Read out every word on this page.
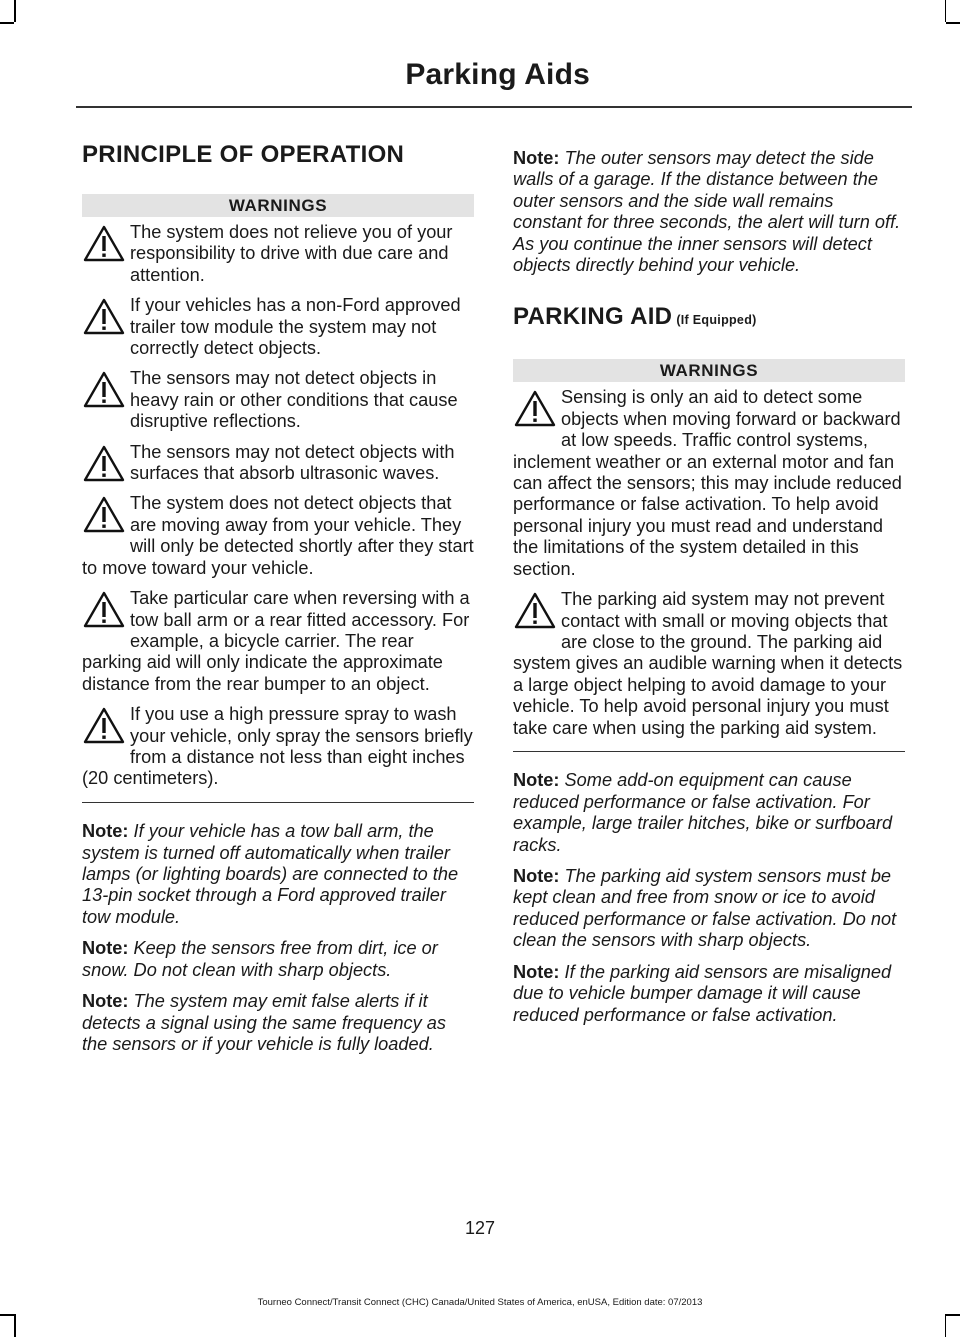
Parking Aids
PRINCIPLE OF OPERATION
WARNINGS

The system does not relieve you of your responsibility to drive with due care and attention.

If your vehicles has a non-Ford approved trailer tow module the system may not correctly detect objects.

The sensors may not detect objects in heavy rain or other conditions that cause disruptive reflections.

The sensors may not detect objects with surfaces that absorb ultrasonic waves.

The system does not detect objects that are moving away from your vehicle. They will only be detected shortly after they start to move toward your vehicle.

Take particular care when reversing with a tow ball arm or a rear fitted accessory. For example, a bicycle carrier. The rear parking aid will only indicate the approximate distance from the rear bumper to an object.

If you use a high pressure spray to wash your vehicle, only spray the sensors briefly from a distance not less than eight inches (20 centimeters).

Note: If your vehicle has a tow ball arm, the system is turned off automatically when trailer lamps (or lighting boards) are connected to the 13-pin socket through a Ford approved trailer tow module.

Note: Keep the sensors free from dirt, ice or snow. Do not clean with sharp objects.

Note: The system may emit false alerts if it detects a signal using the same frequency as the sensors or if your vehicle is fully loaded.

Note: The outer sensors may detect the side walls of a garage. If the distance between the outer sensors and the side wall remains constant for three seconds, the alert will turn off. As you continue the inner sensors will detect objects directly behind your vehicle.

PARKING AID (If Equipped)
WARNINGS

Sensing is only an aid to detect some objects when moving forward or backward at low speeds. Traffic control systems, inclement weather or an external motor and fan can affect the sensors; this may include reduced performance or false activation. To help avoid personal injury you must read and understand the limitations of the system detailed in this section.

The parking aid system may not prevent contact with small or moving objects that are close to the ground. The parking aid system gives an audible warning when it detects a large object helping to avoid damage to your vehicle. To help avoid personal injury you must take care when using the parking aid system.

Note: Some add-on equipment can cause reduced performance or false activation. For example, large trailer hitches, bike or surfboard racks.

Note: The parking aid system sensors must be kept clean and free from snow or ice to avoid reduced performance or false activation. Do not clean the sensors with sharp objects.

Note: If the parking aid sensors are misaligned due to vehicle bumper damage it will cause reduced performance or false activation.

127
Tourneo Connect/Transit Connect (CHC) Canada/United States of America, enUSA, Edition date: 07/2013
